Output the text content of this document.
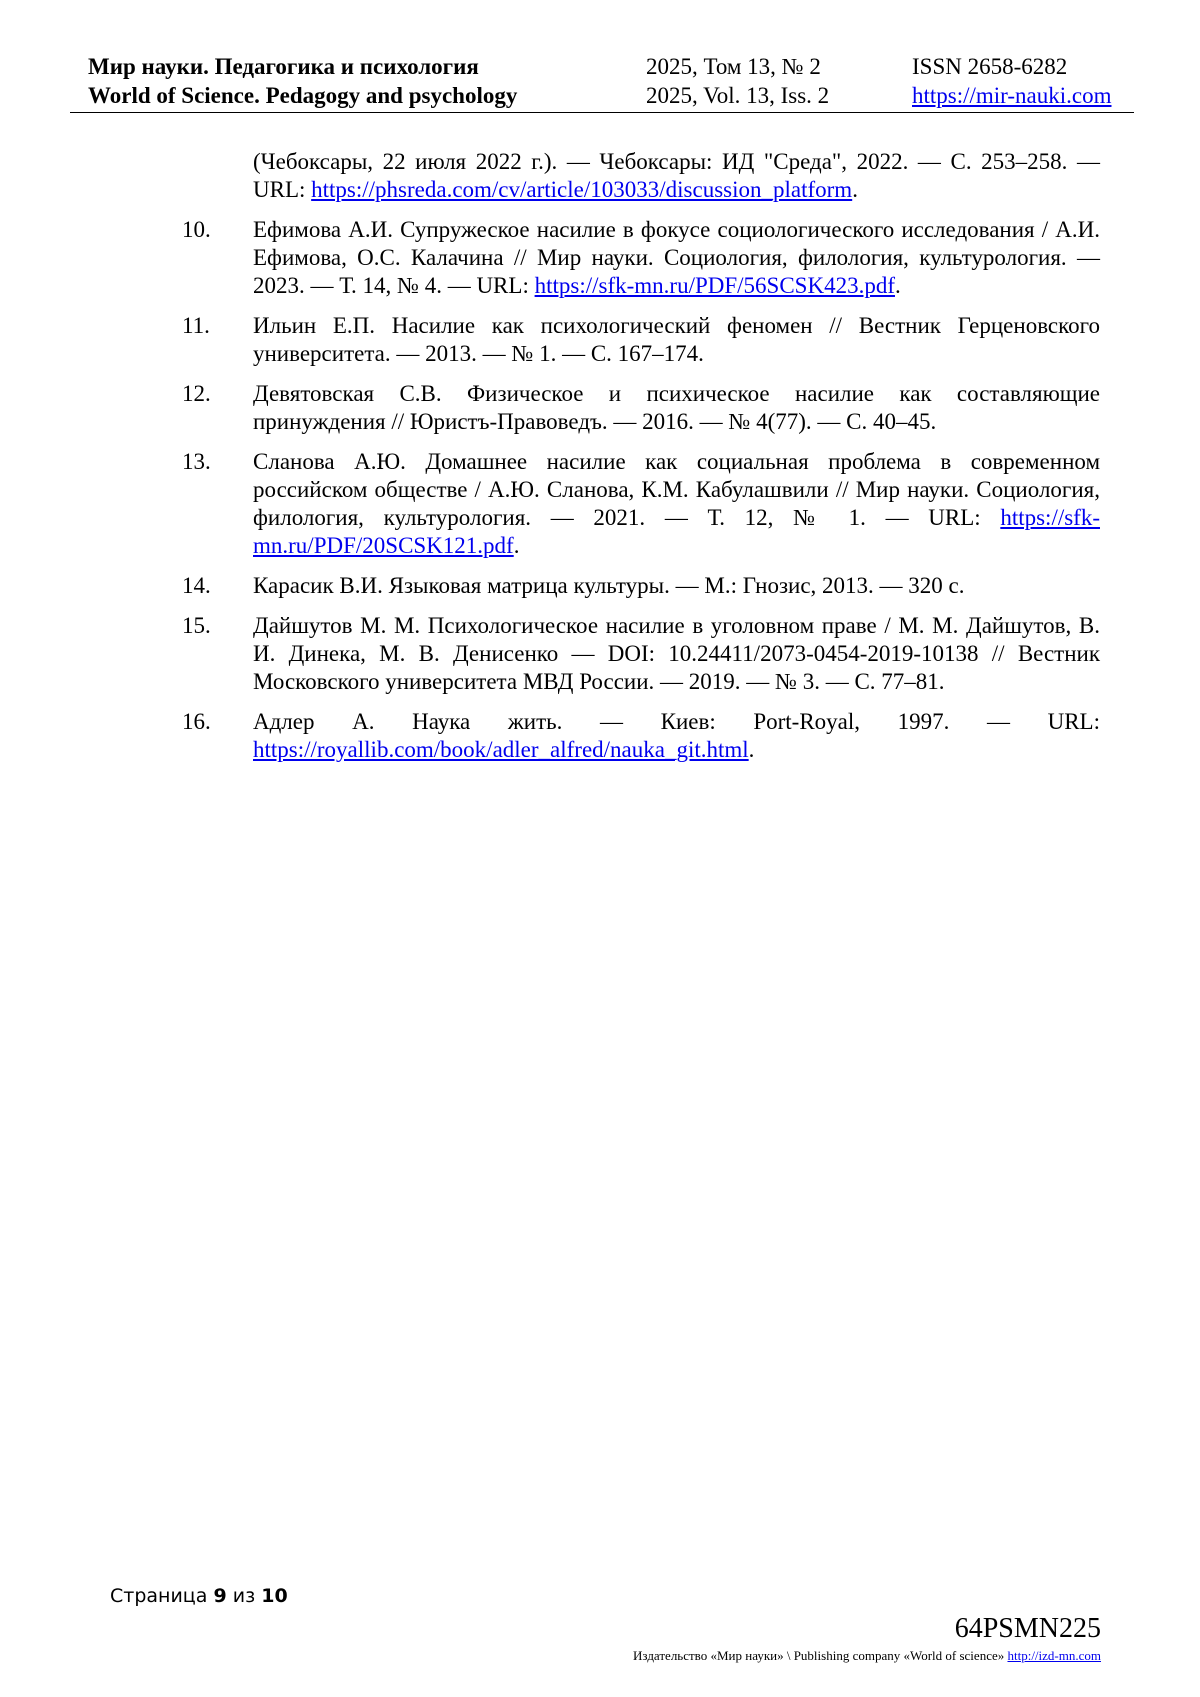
Мир науки. Педагогика и психология	2025, Том 13, № 2	ISSN 2658-6282
World of Science. Pedagogy and psychology	2025, Vol. 13, Iss. 2	https://mir-nauki.com
(Чебоксары, 22 июля 2022 г.). — Чебоксары: ИД "Среда", 2022. — С. 253–258. — URL: https://phsreda.com/cv/article/103033/discussion_platform.
10.	Ефимова А.И. Супружеское насилие в фокусе социологического исследования / А.И. Ефимова, О.С. Калачина // Мир науки. Социология, филология, культурология. — 2023. — Т. 14, № 4. — URL: https://sfk-mn.ru/PDF/56SCSK423.pdf.
11.	Ильин Е.П. Насилие как психологический феномен // Вестник Герценовского университета. — 2013. — № 1. — С. 167–174.
12.	Девятовская С.В. Физическое и психическое насилие как составляющие принуждения // Юристъ-Правоведъ. — 2016. — № 4(77). — С. 40–45.
13.	Сланова А.Ю. Домашнее насилие как социальная проблема в современном российском обществе / А.Ю. Сланова, К.М. Кабулашвили // Мир науки. Социология, филология, культурология. — 2021. — Т. 12, № 1. — URL: https://sfk-mn.ru/PDF/20SCSK121.pdf.
14.	Карасик В.И. Языковая матрица культуры. — М.: Гнозис, 2013. — 320 с.
15.	Дайшутов М. М. Психологическое насилие в уголовном праве / М. М. Дайшутов, В. И. Динека, М. В. Денисенко — DOI: 10.24411/2073-0454-2019-10138 // Вестник Московского университета МВД России. — 2019. — № 3. — С. 77–81.
16.	Адлер А. Наука жить. — Киев: Port-Royal, 1997. — URL: https://royallib.com/book/adler_alfred/nauka_git.html.
Страница 9 из 10
64PSMN225
Издательство «Мир науки» \ Publishing company «World of science» http://izd-mn.com
